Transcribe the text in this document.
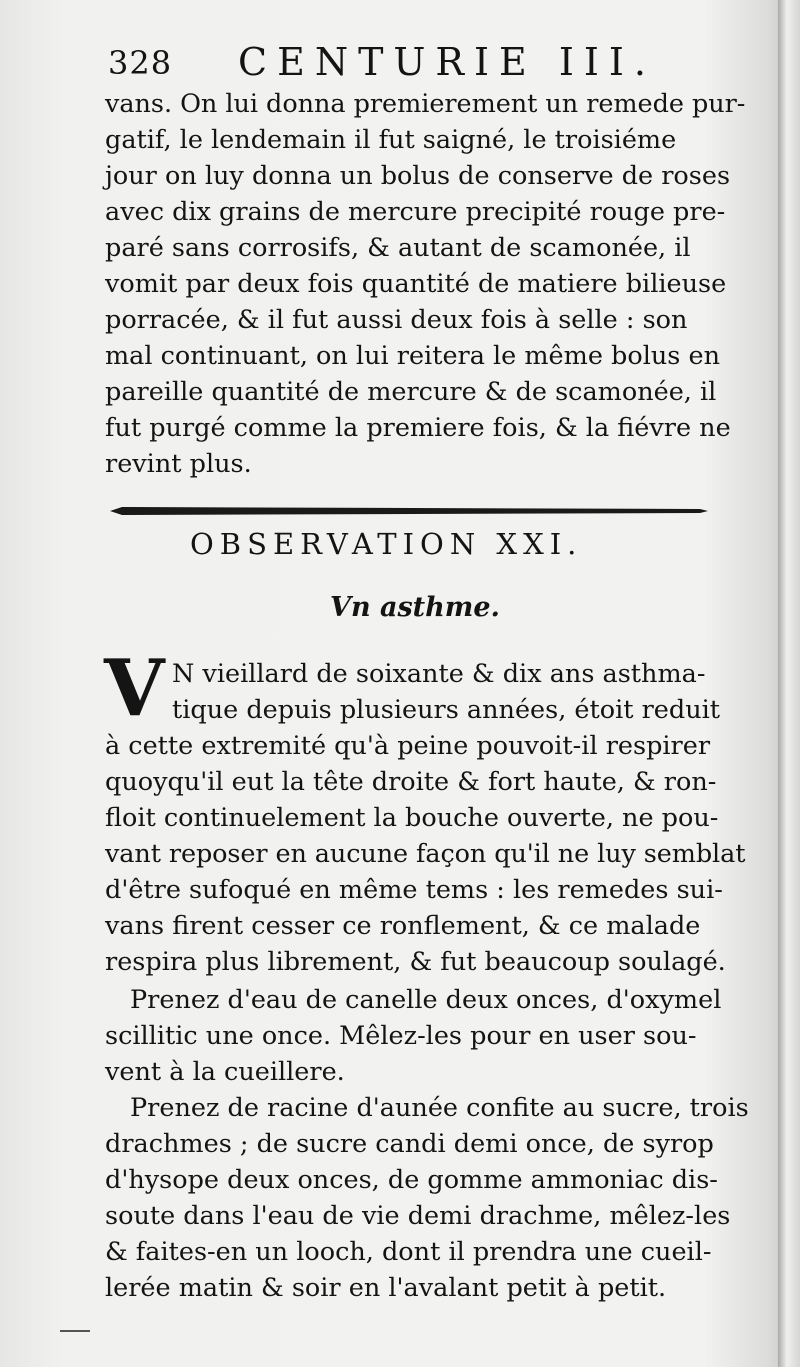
328 CENTURIE III.
vans. On lui donna premierement un remede pur-
gatif, le lendemain il fut saigné, le troisiéme
jour on luy donna un bolus de conserve de roses
avec dix grains de mercure precipité rouge pre-
paré sans corrosifs, & autant de scamonée, il
vomit par deux fois quantité de matiere bilieuse
porracée, & il fut aussi deux fois à selle : son
mal continuant, on lui reitera le même bolus en
pareille quantité de mercure & de scamonée, il
fut purgé comme la premiere fois, & la fiévre ne
revint plus.
OBSERVATION XXI.
Vn asthme.
V N vieillard de soixante & dix ans asthma-
tique depuis plusieurs années, étoit reduit
à cette extremité qu'à peine pouvoit-il respirer
quoyqu'il eut la tête droite & fort haute, & ron-
floit continuelement la bouche ouverte, ne pou-
vant reposer en aucune façon qu'il ne luy semblat
d'être sufoqué en même tems : les remedes sui-
vans firent cesser ce ronflement, & ce malade
respira plus librement, & fut beaucoup soulagé.
Prenez d'eau de canelle deux onces, d'oxymel
scillitic une once. Mêlez-les pour en user sou-
vent à la cueillere.
Prenez de racine d'aunée confite au sucre, trois
drachmes ; de sucre candi demi once, de syrop
d'hysope deux onces, de gomme ammoniac dis-
soute dans l'eau de vie demi drachme, mêlez-les
& faites-en un looch, dont il prendra une cueil-
lerée matin & soir en l'avalant petit à petit.
